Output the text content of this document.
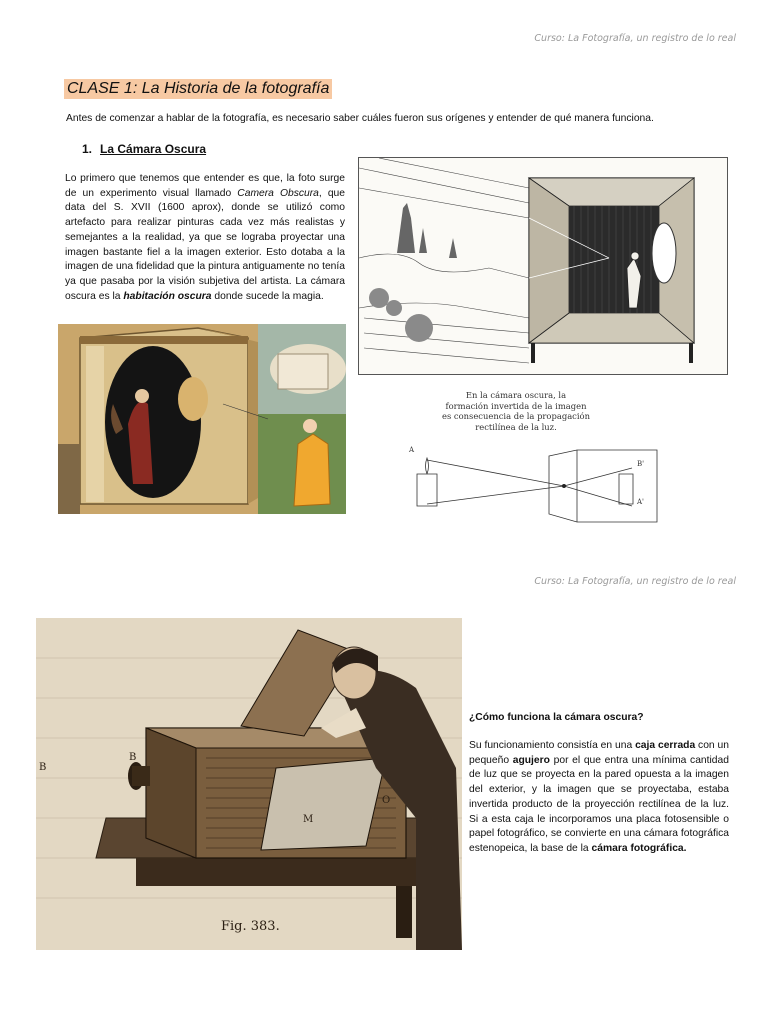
Curso: La Fotografía, un registro de lo real
CLASE 1: La Historia de la fotografía
Antes de comenzar a hablar de la fotografía, es necesario saber cuáles fueron sus orígenes y entender de qué manera funciona.
1. La Cámara Oscura

Lo primero que tenemos que entender es que, la foto surge de un experimento visual llamado Camera Obscura, que data del S. XVII (1600 aprox), donde se utilizó como artefacto para realizar pinturas cada vez más realistas y semejantes a la realidad, ya que se lograba proyectar una imagen bastante fiel a la imagen exterior. Esto dotaba a la imagen de una fidelidad que la pintura antiguamente no tenía ya que pasaba por la visión subjetiva del artista. La cámara oscura es la habitación oscura donde sucede la magia.

En la cámara oscura, la
formación invertida de la imagen
es consecuencia de la propagación
rectilínea de la luz.
A
B'
A'
Curso: La Fotografía, un registro de lo real
B
B
M
O
Fig. 383.
¿Cómo funciona la cámara oscura?

Su funcionamiento consistía en una caja cerrada con un pequeño agujero por el que entra una mínima cantidad de luz que se proyecta en la pared opuesta a la imagen del exterior, y la imagen que se proyectaba, estaba invertida producto de la proyección rectilínea de la luz. Si a esta caja le incorporamos una placa fotosensible o papel fotográfico, se convierte en una cámara fotográfica estenopeica, la base de la cámara fotográfica.
